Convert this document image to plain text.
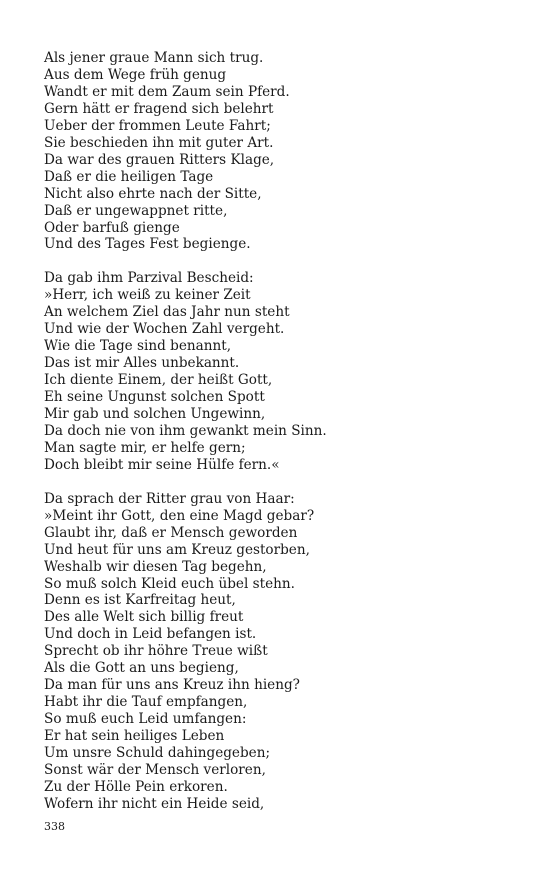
Als jener graue Mann sich trug.
Aus dem Wege früh genug
Wandt er mit dem Zaum sein Pferd.
Gern hätt er fragend sich belehrt
Ueber der frommen Leute Fahrt;
Sie beschieden ihn mit guter Art.
Da war des grauen Ritters Klage,
Daß er die heiligen Tage
Nicht also ehrte nach der Sitte,
Daß er ungewappnet ritte,
Oder barfuß gienge
Und des Tages Fest begienge.
Da gab ihm Parzival Bescheid:
»Herr, ich weiß zu keiner Zeit
An welchem Ziel das Jahr nun steht
Und wie der Wochen Zahl vergeht.
Wie die Tage sind benannt,
Das ist mir Alles unbekannt.
Ich diente Einem, der heißt Gott,
Eh seine Ungunst solchen Spott
Mir gab und solchen Ungewinn,
Da doch nie von ihm gewankt mein Sinn.
Man sagte mir, er helfe gern;
Doch bleibt mir seine Hülfe fern.«
Da sprach der Ritter grau von Haar:
»Meint ihr Gott, den eine Magd gebar?
Glaubt ihr, daß er Mensch geworden
Und heut für uns am Kreuz gestorben,
Weshalb wir diesen Tag begehn,
So muß solch Kleid euch übel stehn.
Denn es ist Karfreitag heut,
Des alle Welt sich billig freut
Und doch in Leid befangen ist.
Sprecht ob ihr höhre Treue wißt
Als die Gott an uns begieng,
Da man für uns ans Kreuz ihn hieng?
Habt ihr die Tauf empfangen,
So muß euch Leid umfangen:
Er hat sein heiliges Leben
Um unsre Schuld dahingegeben;
Sonst wär der Mensch verloren,
Zu der Hölle Pein erkoren.
Wofern ihr nicht ein Heide seid,
338
